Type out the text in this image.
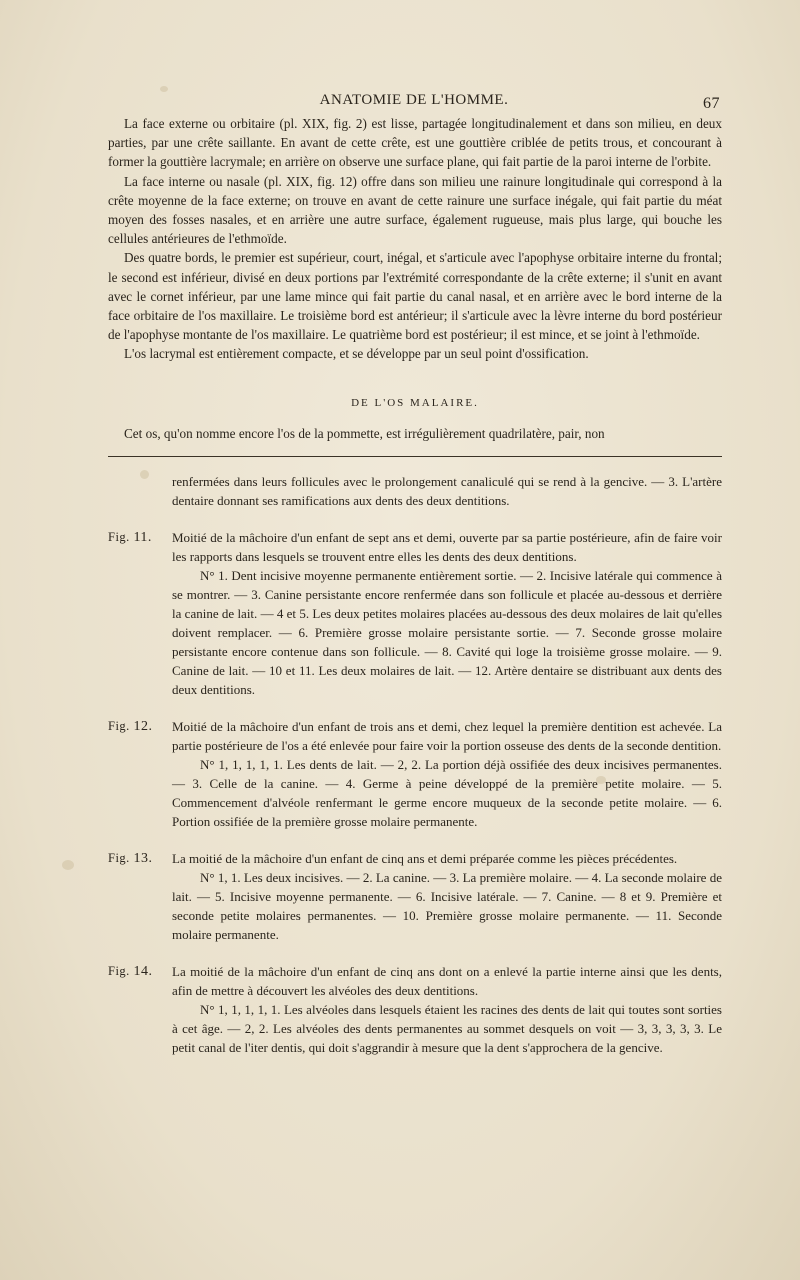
ANATOMIE DE L'HOMME.	67

La face externe ou orbitaire (pl. XIX, fig. 2) est lisse, partagée longitudinalement et dans son milieu, en deux parties, par une crête saillante. En avant de cette crête, est une gouttière criblée de petits trous, et concourant à former la gouttière lacrymale; en arrière on observe une surface plane, qui fait partie de la paroi interne de l'orbite.

La face interne ou nasale (pl. XIX, fig. 12) offre dans son milieu une rainure longitudinale qui correspond à la crête moyenne de la face externe; on trouve en avant de cette rainure une surface inégale, qui fait partie du méat moyen des fosses nasales, et en arrière une autre surface, également rugueuse, mais plus large, qui bouche les cellules antérieures de l'ethmoïde.

Des quatre bords, le premier est supérieur, court, inégal, et s'articule avec l'apophyse orbitaire interne du frontal; le second est inférieur, divisé en deux portions par l'extrémité correspondante de la crête externe; il s'unit en avant avec le cornet inférieur, par une lame mince qui fait partie du canal nasal, et en arrière avec le bord interne de la face orbitaire de l'os maxillaire. Le troisième bord est antérieur; il s'articule avec la lèvre interne du bord postérieur de l'apophyse montante de l'os maxillaire. Le quatrième bord est postérieur; il est mince, et se joint à l'ethmoïde.

L'os lacrymal est entièrement compacte, et se développe par un seul point d'ossification.

DE L'OS MALAIRE.

Cet os, qu'on nomme encore l'os de la pommette, est irrégulièrement quadrilatère, pair, non

renfermées dans leurs follicules avec le prolongement canaliculé qui se rend à la gencive. — 3. L'artère dentaire donnant ses ramifications aux dents des deux dentitions.

Fig. 11. Moitié de la mâchoire d'un enfant de sept ans et demi, ouverte par sa partie postérieure, afin de faire voir les rapports dans lesquels se trouvent entre elles les dents des deux dentitions.

N° 1. Dent incisive moyenne permanente entièrement sortie. — 2. Incisive latérale qui commence à se montrer. — 3. Canine persistante encore renfermée dans son follicule et placée au-dessous et derrière la canine de lait. — 4 et 5. Les deux petites molaires placées au-dessous des deux molaires de lait qu'elles doivent remplacer. — 6. Première grosse molaire persistante sortie. — 7. Seconde grosse molaire persistante encore contenue dans son follicule. — 8. Cavité qui loge la troisième grosse molaire. — 9. Canine de lait. — 10 et 11. Les deux molaires de lait. — 12. Artère dentaire se distribuant aux dents des deux dentitions.

Fig. 12. Moitié de la mâchoire d'un enfant de trois ans et demi, chez lequel la première dentition est achevée. La partie postérieure de l'os a été enlevée pour faire voir la portion osseuse des dents de la seconde dentition.

N° 1, 1, 1, 1, 1. Les dents de lait. — 2, 2. La portion déjà ossifiée des deux incisives permanentes. — 3. Celle de la canine. — 4. Germe à peine développé de la première petite molaire. — 5. Commencement d'alvéole renfermant le germe encore muqueux de la seconde petite molaire. — 6. Portion ossifiée de la première grosse molaire permanente.

Fig. 13. La moitié de la mâchoire d'un enfant de cinq ans et demi préparée comme les pièces précédentes.

N° 1, 1. Les deux incisives. — 2. La canine. — 3. La première molaire. — 4. La seconde molaire de lait. — 5. Incisive moyenne permanente. — 6. Incisive latérale. — 7. Canine. — 8 et 9. Première et seconde petite molaires permanentes. — 10. Première grosse molaire permanente. — 11. Seconde molaire permanente.

Fig. 14. La moitié de la mâchoire d'un enfant de cinq ans dont on a enlevé la partie interne ainsi que les dents, afin de mettre à découvert les alvéoles des deux dentitions.

N° 1, 1, 1, 1, 1. Les alvéoles dans lesquels étaient les racines des dents de lait qui toutes sont sorties à cet âge. — 2, 2. Les alvéoles des dents permanentes au sommet desquels on voit — 3, 3, 3, 3, 3. Le petit canal de l'iter dentis, qui doit s'aggrandir à mesure que la dent s'approchera de la gencive.
